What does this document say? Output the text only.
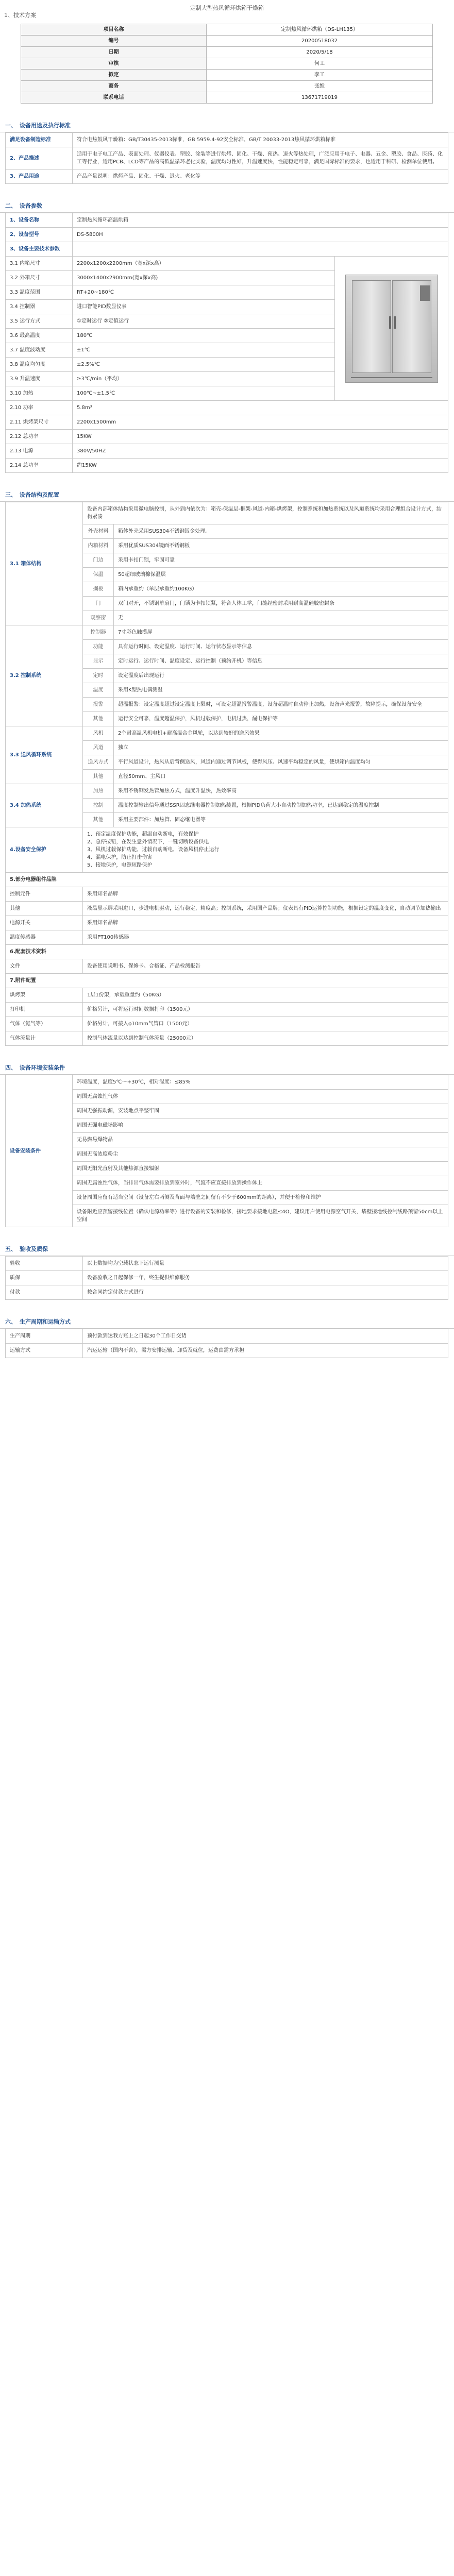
定制大型热风循环烘箱干燥箱
1、技术方案
项目名称	定制热风循环烘箱（DS-LH135）
编号	20200518032
日期	2020/5/18
审核	何工
拟定	李工
商务	张维
联系电话	13671719019
一、 设备用途及执行标准
满足设备制造标准	符合电热鼓风干燥箱：GB/T30435-2013标准，GB 5959.4-92安全标准，GB/T 20033-2013热风循环烘箱标准
2、产品描述	适用于电子电工产品、表面处理、仪器仪表、塑胶、涂装等进行烘烤、固化、干燥、预热、退火等热处理，广泛应用于电子、电器、五金、塑胶、食品、医药、化工等行业，适用PCB、LCD等产品的高低温循环老化实验，温度均匀性好，升温速度快，性能稳定可靠，满足国际标准的要求，也适用于科研、检测单位使用。
3、产品用途	产品产量说明：烘烤产品、固化、干燥、退火、老化等
二、 设备参数
1、设备名称	定制热风循环高温烘箱	
2、设备型号	DS-5800H	
3、设备主要技术参数		
3.1 内箱尺寸	2200x1200x2200mm（宽x深x高）	

3.2 外箱尺寸	3000x1400x2900mm(宽x深x高)	
3.3 温度范围	RT+20~180℃	
3.4 控制器	进口智能PID数显仪表	
3.5 运行方式	①定时运行 ②定值运行	
3.6 最高温度	180℃	
3.7 温度波动度	±1℃	
3.8 温度均匀度	±2.5%℃	
3.9 升温速度	≥3℃/min（平均）	
3.10 加热	100℃~±1.5℃	
2.10 功率	5.8m³	
2.11 烘烤架尺寸	2200x1500mm	
2.12 总功率	15KW	
2.13 电源	380V/50HZ	
2.14 总功率	约15KW	
三、 设备结构及配置
3.1 箱体结构	设备内部箱体结构采用微电脑控制，从外到内依次为：箱壳-保温层-框架-风道-内箱-烘烤架，控制系统和加热系统以及风道系统均采用合理组合设计方式，结构紧凑	
	外壳材料	箱体外壳采用SUS304不锈钢钣金处理。
	内箱材料	采用优质SUS304镜面不锈钢板
	门边	采用卡扣门锁，牢固可靠
	保温	50超细玻璃棉保温层
	搁板	箱内承重约（单层承重约100KG）
	门	双门对开，不锈钢单扇门，门锁为卡扣锁紧，符合人体工学，门缝经密封采用耐高温硅胶密封条
	观察窗	无
3.2 控制系统	控制器	7寸彩色触摸屏
	功能	具有运行时间、设定温度、运行时间、运行状态显示等信息
	显示	定时运行、运行时间、温度设定、运行控制（预约开机）等信息
	定时	设定温度后出现运行
	温度	采用K型热电偶测温
	报警	超温报警：设定温度超过设定温度上限时，可设定超温报警温度，设备超温时自动停止加热，设备声光报警，故障提示，确保设备安全
	其他	运行安全可靠，温度超温保护，风机过载保护，电机过热，漏电保护等
3.3 送风循环系统	风机	2个耐高温风机电机+耐高温合金风轮，以达到较好的送风效果
	风道	独立
	送风方式	平行风道设计，热风从后背侧送风，风道内通过调节风板，使得风压、风速平均稳定的风量，使烘箱内温度均匀
	其他	直径50mm、主风口
3.4 加热系统	加热	采用不锈钢发热管加热方式，温度升温快，热效率高
	控制	温度控制输出信号通过SSR固态继电器控制加热装置，根据PID负荷大小自动控制加热功率，已达到稳定的温度控制
	其他	采用主要部件：加热管、固态继电器等
4.设备安全保护	1、预定温度保护功能，超温自动断电，有效保护
2、急停按钮，在发生意外情况下，一键切断设备供电
3、风机过载保护功能，过载自动断电，设备风机停止运行
4、漏电保护，防止打击伤害
5、接地保护，电源短路保护	

5.部分电器组件品牌		
控制元件	采用知名品牌	
其他	液晶显示屏采用进口，步进电机驱动，运行稳定，精度高；控制系统，采用国产品牌；仪表具有PID运算控制功能，根据设定的温度变化，自动调节加热输出	
电源开关	采用知名品牌	
温度传感器	采用PT100传感器	
6.配套技术资料		
文件	设备使用说明书、保修卡、合格证、产品检测报告	
7.附件配置		
烘烤架	1层1份架，承载重量约（50KG）	
打印机	价格另计，可将运行时间数据打印（1500元）	
气体（氮气等）	价格另计，可接入φ10mm气管口（1500元）	
气体流量计	控制气体流量以达到控制气体流量（25000元）	
四、 设备环境安装条件
设备安装条件	环境温度，温度5℃～+30℃，相对湿度：≤85%
周围无腐蚀性气体
周围无强振动源，安装地点平整牢固
周围无强电磁场影响
无易燃易爆物品
周围无高浓度粉尘
周围无阳光直射及其他热源直接辐射
周围无腐蚀性气体，当排出气体需要排放到室外时，气流不应直接排放到操作体上
设备周围应留有适当空间（设备左右两侧及背面与墙壁之间留有不少于600mm的距离），并便于检修和维护
设备附近应预留接线位置（确认电源功率等）进行设备的安装和检修，接地要求接地电阻≤4Ω，建议用户使用电源空气开关，墙壁接地线控制线路预留50cm以上空间
五、 验收及质保
验收	以上数据均为空载状态下运行测量
质保	设备验收之日起保修一年，终生提供维修服务
付款	按合同约定付款方式进行
六、 生产周期和运输方式
生产周期	预付款到达我方账上之日起30个工作日交货
运输方式	汽运运输（国内不含），需方安排运输、卸货及就位，运费由需方承担
